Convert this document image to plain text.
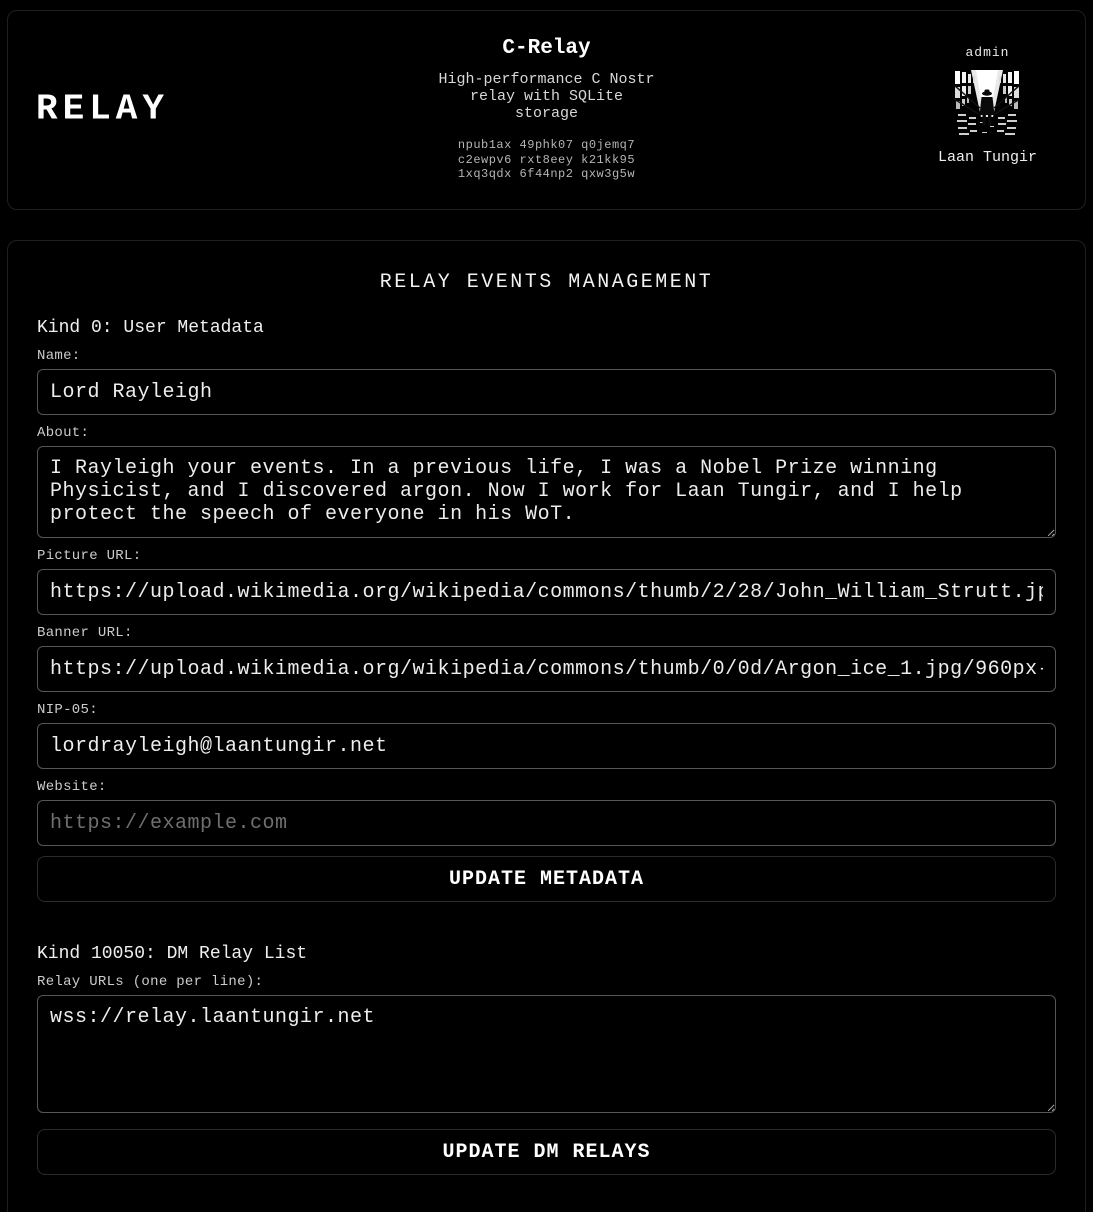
RELAY
C-Relay
High-performance C Nostr
relay with SQLite
storage
npub1ax 49phk07 q0jemq7
c2ewpv6 rxt8eey k21kk95
1xq3qdx 6f44np2 qxw3g5w
admin
Laan Tungir
RELAY EVENTS MANAGEMENT
Kind 0: User Metadata
Name:
Lord Rayleigh
About:
I Rayleigh your events. In a previous life, I was a Nobel Prize winning Physicist, and I discovered argon. Now I work for Laan Tungir, and I help protect the speech of everyone in his WoT.
Picture URL:
https://upload.wikimedia.org/wikipedia/commons/thumb/2/28/John_William_Strutt.jp
Banner URL:
https://upload.wikimedia.org/wikipedia/commons/thumb/0/0d/Argon_ice_1.jpg/960px-
NIP-05:
lordrayleigh@laantungir.net
Website:
https://example.com
UPDATE METADATA
Kind 10050: DM Relay List
Relay URLs (one per line):
wss://relay.laantungir.net
UPDATE DM RELAYS
